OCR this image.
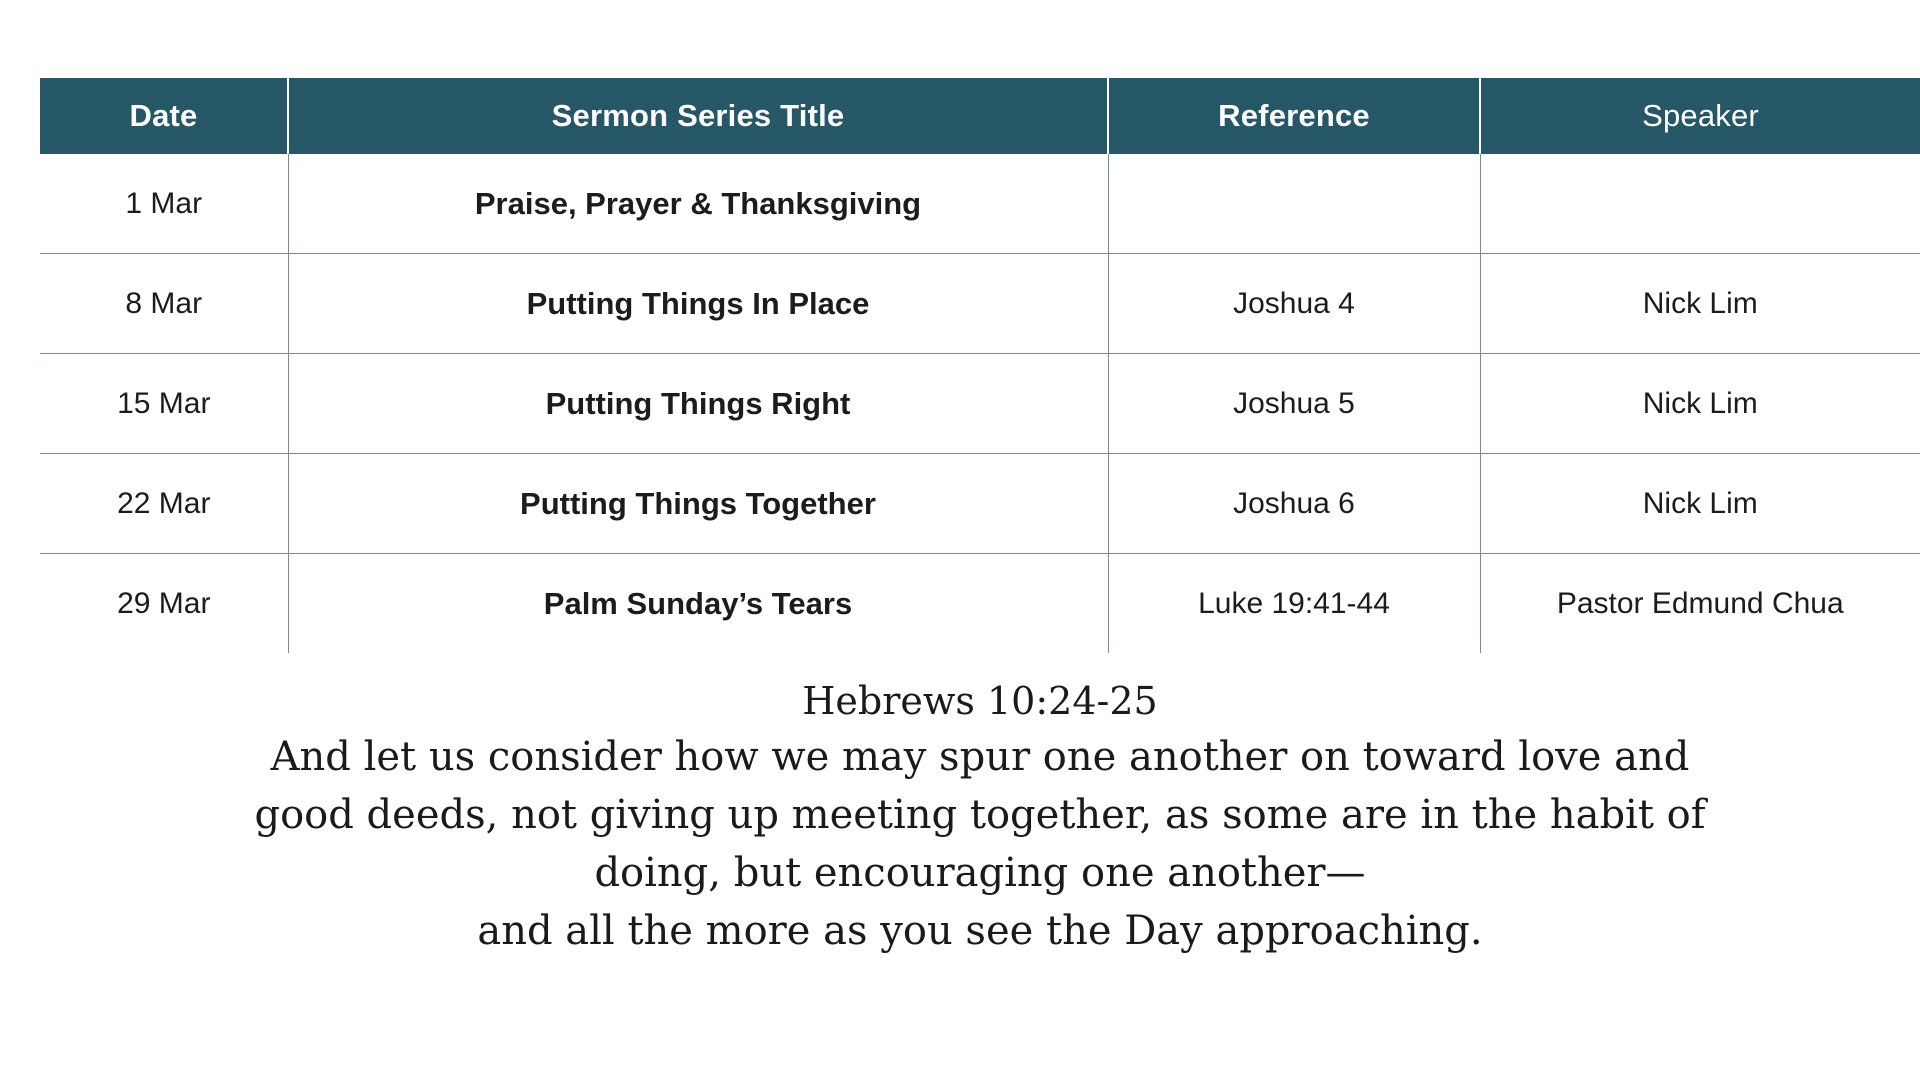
Date	Sermon Series Title	Reference	Speaker
1 Mar	Praise, Prayer & Thanksgiving		
8 Mar	Putting Things In Place	Joshua 4	Nick Lim
15 Mar	Putting Things Right	Joshua 5	Nick Lim
22 Mar	Putting Things Together	Joshua 6	Nick Lim
29 Mar	Palm Sunday’s Tears	Luke 19:41-44	Pastor Edmund Chua
Hebrews 10:24-25
And let us consider how we may spur one another on toward love and
good deeds, not giving up meeting together, as some are in the habit of
doing, but encouraging one another—
and all the more as you see the Day approaching.
